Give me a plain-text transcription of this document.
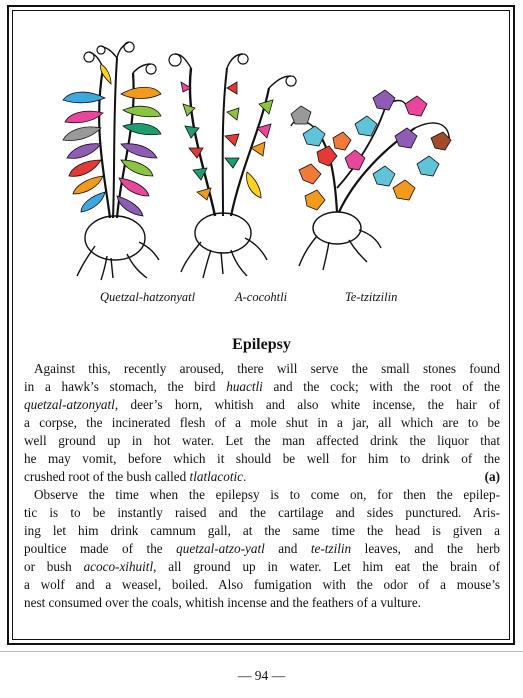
Quetzal-hatzonyatl	A-cocohtli	Te-tzitzilin
Epilepsy
Against this, recently aroused, there will serve the small stones found
in a hawk’s stomach, the bird huactli and the cock; with the root of the
quetzal-atzonyatl, deer’s horn, whitish and also white incense, the hair of
a corpse, the incinerated flesh of a mole shut in a jar, all which are to be
well ground up in hot water. Let the man affected drink the liquor that
he may vomit, before which it should be well for him to drink of the
crushed root of the bush called tlatlacotic.	(a)
Observe the time when the epilepsy is to come on, for then the epilep-
tic is to be instantly raised and the cartilage and sides punctured. Aris-
ing let him drink camnum gall, at the same time the head is given a
poultice made of the quetzal-atzo-yatl and te-tzilin leaves, and the herb
or bush acoco-xihuitl, all ground up in water. Let him eat the brain of
a wolf and a weasel, boiled. Also fumigation with the odor of a mouse’s
nest consumed over the coals, whitish incense and the feathers of a vulture.
— 94 —
